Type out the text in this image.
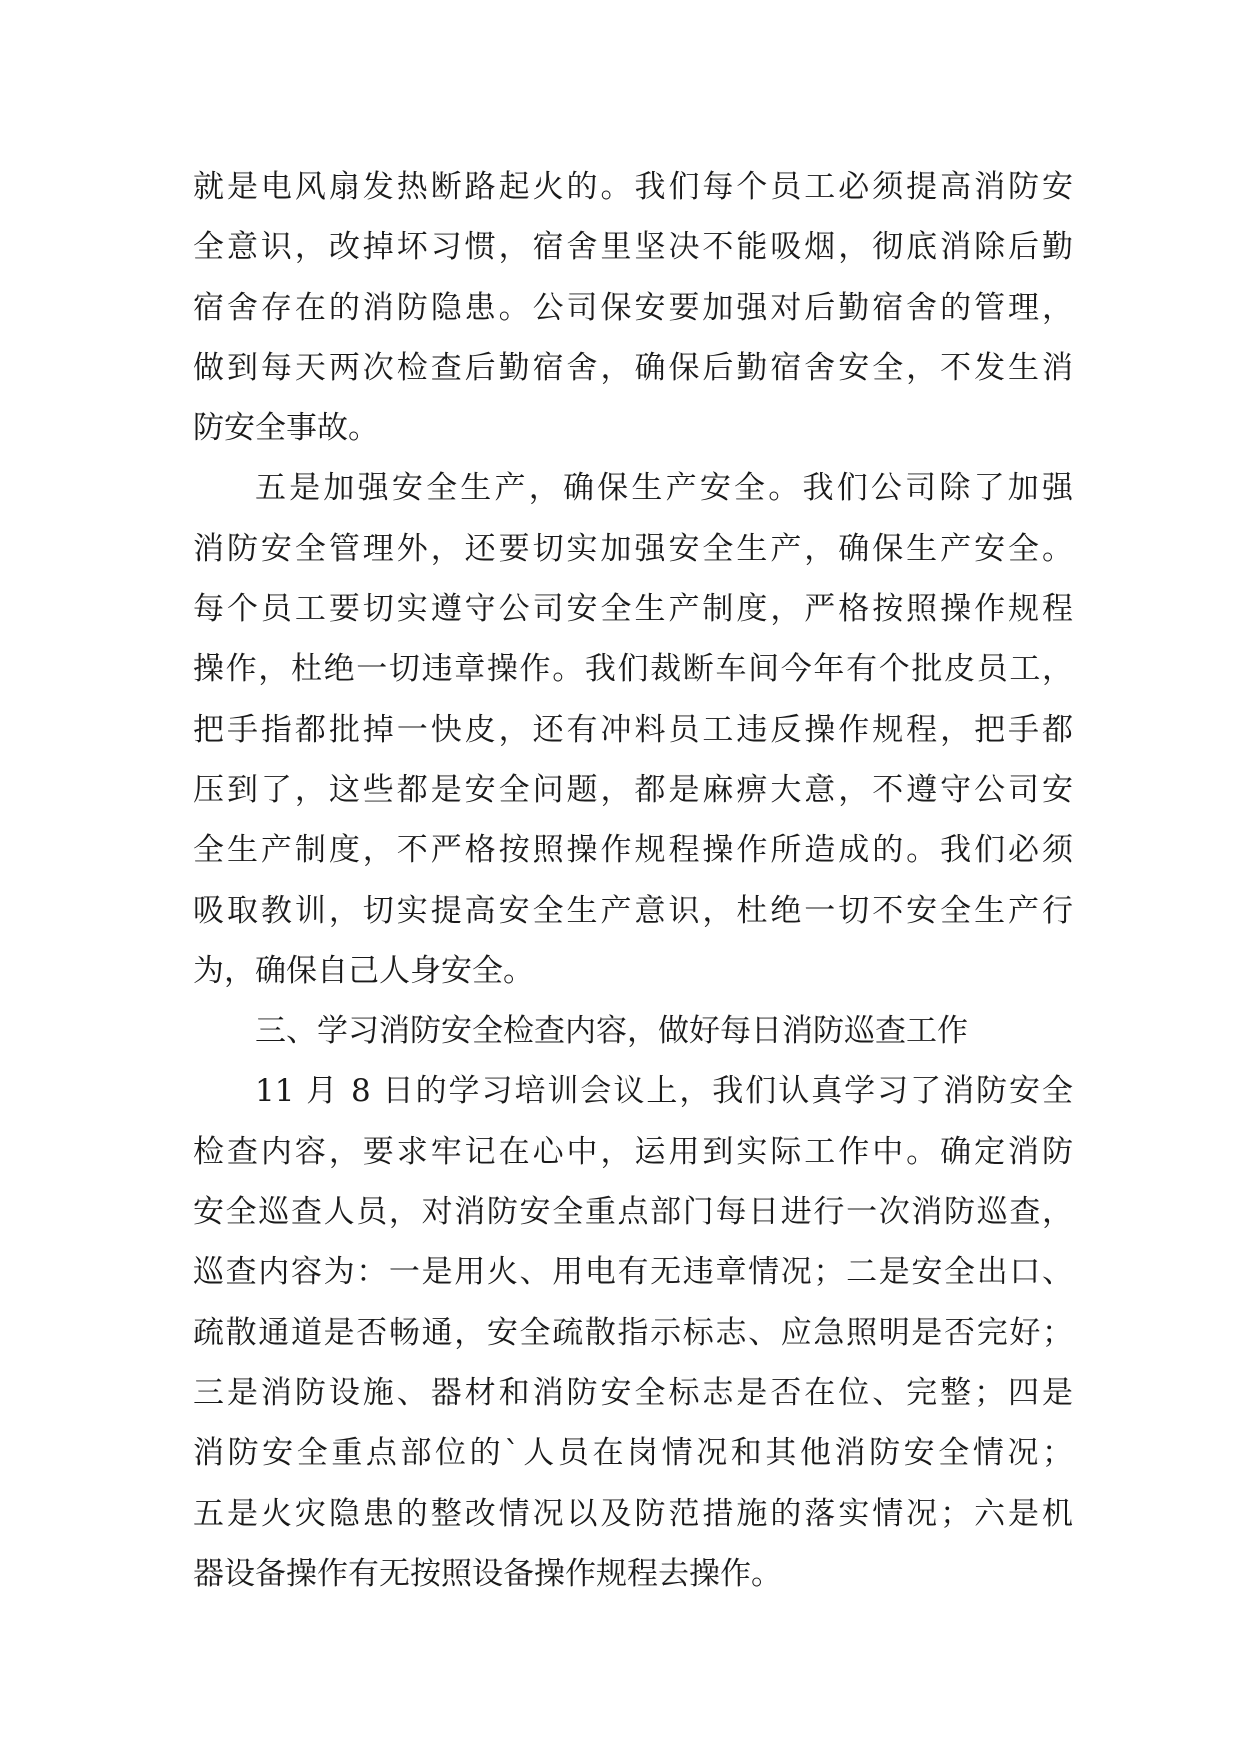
就是电风扇发热断路起火的。我们每个员工必须提高消防安
全意识，改掉坏习惯，宿舍里坚决不能吸烟，彻底消除后勤
宿舍存在的消防隐患。公司保安要加强对后勤宿舍的管理，
做到每天两次检查后勤宿舍，确保后勤宿舍安全，不发生消
防安全事故。
五是加强安全生产，确保生产安全。我们公司除了加强
消防安全管理外，还要切实加强安全生产，确保生产安全。
每个员工要切实遵守公司安全生产制度，严格按照操作规程
操作，杜绝一切违章操作。我们裁断车间今年有个批皮员工，
把手指都批掉一快皮，还有冲料员工违反操作规程，把手都
压到了，这些都是安全问题，都是麻痹大意，不遵守公司安
全生产制度，不严格按照操作规程操作所造成的。我们必须
吸取教训，切实提高安全生产意识，杜绝一切不安全生产行
为，确保自己人身安全。
三、学习消防安全检查内容，做好每日消防巡查工作
11 月 8 日的学习培训会议上，我们认真学习了消防安全
检查内容，要求牢记在心中，运用到实际工作中。确定消防
安全巡查人员，对消防安全重点部门每日进行一次消防巡查，
巡查内容为：一是用火、用电有无违章情况；二是安全出口、
疏散通道是否畅通，安全疏散指示标志、应急照明是否完好；
三是消防设施、器材和消防安全标志是否在位、完整；四是
消防安全重点部位的`人员在岗情况和其他消防安全情况；
五是火灾隐患的整改情况以及防范措施的落实情况；六是机
器设备操作有无按照设备操作规程去操作。
